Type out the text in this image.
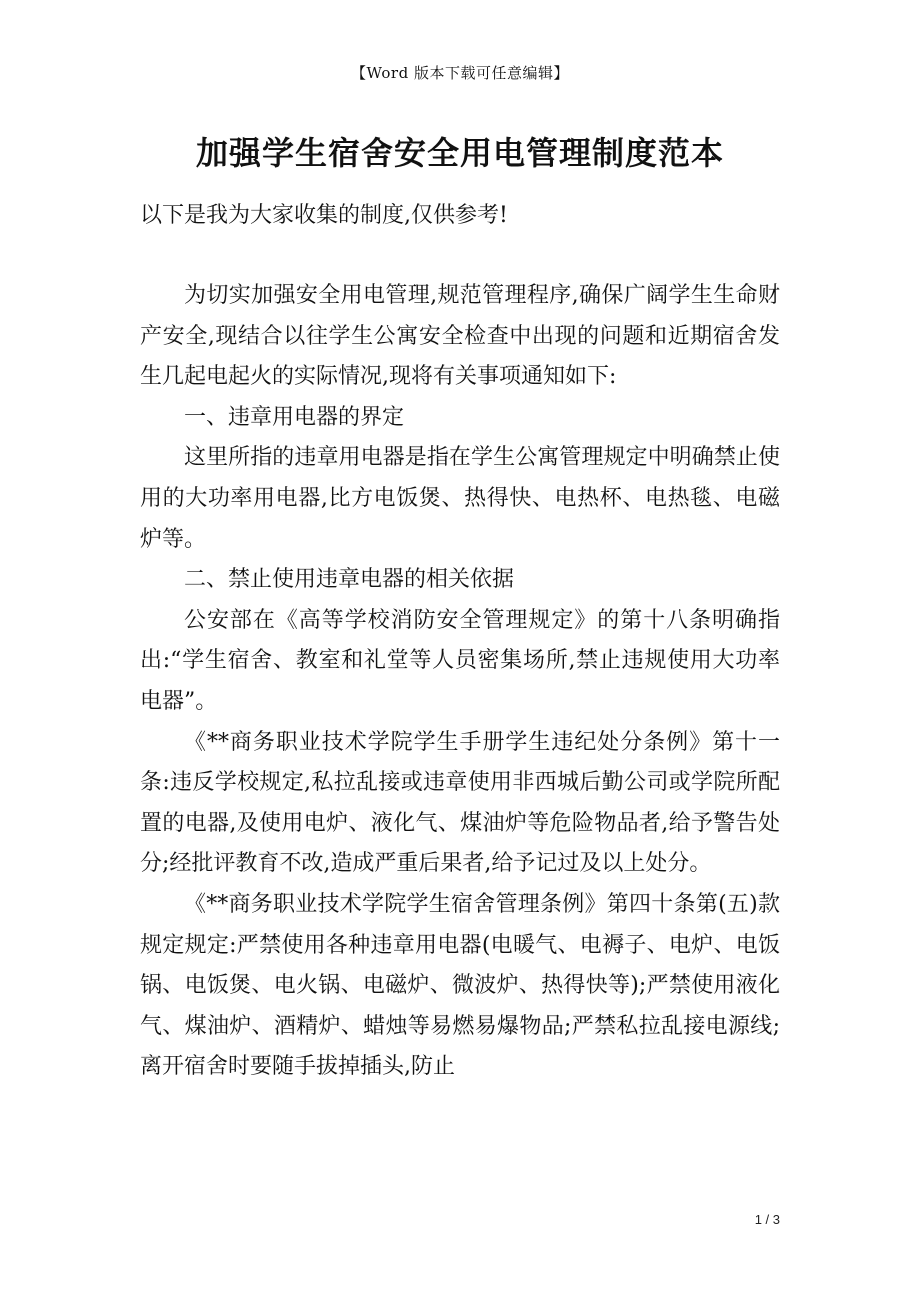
【Word 版本下载可任意编辑】
加强学生宿舍安全用电管理制度范本

以下是我为大家收集的制度,仅供参考!

为切实加强安全用电管理,规范管理程序,确保广阔学生生命财产安全,现结合以往学生公寓安全检查中出现的问题和近期宿舍发生几起电起火的实际情况,现将有关事项通知如下:

一、违章用电器的界定

这里所指的违章用电器是指在学生公寓管理规定中明确禁止使用的大功率用电器,比方电饭煲、热得快、电热杯、电热毯、电磁炉等。

二、禁止使用违章电器的相关依据

公安部在《高等学校消防安全管理规定》的第十八条明确指出:“学生宿舍、教室和礼堂等人员密集场所,禁止违规使用大功率电器”。

《**商务职业技术学院学生手册学生违纪处分条例》第十一条:违反学校规定,私拉乱接或违章使用非西城后勤公司或学院所配置的电器,及使用电炉、液化气、煤油炉等危险物品者,给予警告处分;经批评教育不改,造成严重后果者,给予记过及以上处分。

《**商务职业技术学院学生宿舍管理条例》第四十条第(五)款规定规定:严禁使用各种违章用电器(电暖气、电褥子、电炉、电饭锅、电饭煲、电火锅、电磁炉、微波炉、热得快等);严禁使用液化气、煤油炉、酒精炉、蜡烛等易燃易爆物品;严禁私拉乱接电源线;离开宿舍时要随手拔掉插头,防止

1 / 3
